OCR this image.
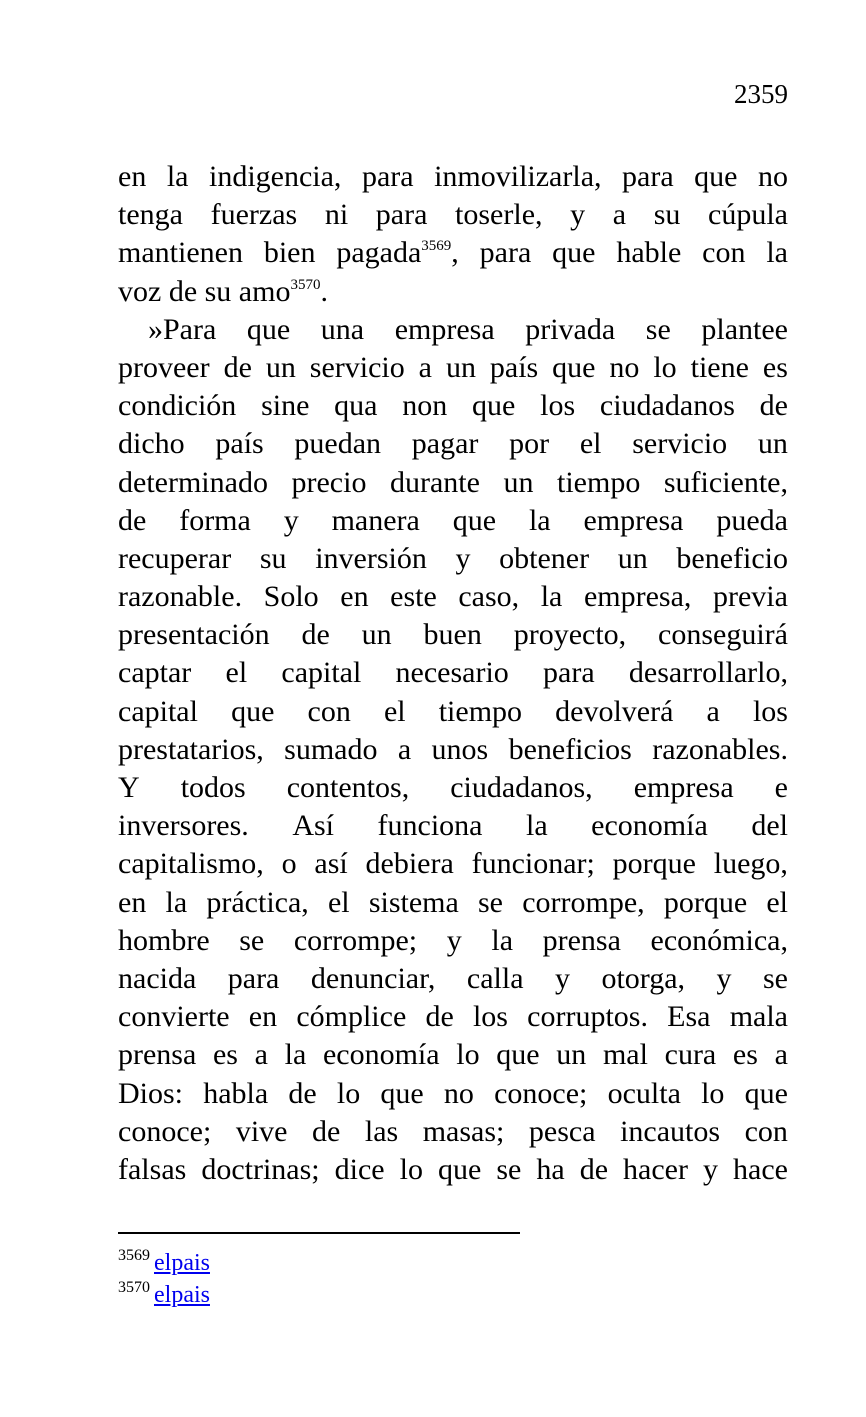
2359
en la indigencia, para inmovilizarla, para que no
tenga fuerzas ni para toserle, y a su cúpula
mantienen bien pagada$^{3569}$, para que hable con la
voz de su amo$^{3570}$.
»Para que una empresa privada se plantee
proveer de un servicio a un país que no lo tiene es
condición sine qua non que los ciudadanos de
dicho país puedan pagar por el servicio un
determinado precio durante un tiempo suficiente,
de forma y manera que la empresa pueda
recuperar su inversión y obtener un beneficio
razonable. Solo en este caso, la empresa, previa
presentación de un buen proyecto, conseguirá
captar el capital necesario para desarrollarlo,
capital que con el tiempo devolverá a los
prestatarios, sumado a unos beneficios razonables.
Y todos contentos, ciudadanos, empresa e
inversores. Así funciona la economía del
capitalismo, o así debiera funcionar; porque luego,
en la práctica, el sistema se corrompe, porque el
hombre se corrompe; y la prensa económica,
nacida para denunciar, calla y otorga, y se
convierte en cómplice de los corruptos. Esa mala
prensa es a la economía lo que un mal cura es a
Dios: habla de lo que no conoce; oculta lo que
conoce; vive de las masas; pesca incautos con
falsas doctrinas; dice lo que se ha de hacer y hace
$^{3569}$ elpais
$^{3570}$ elpais
